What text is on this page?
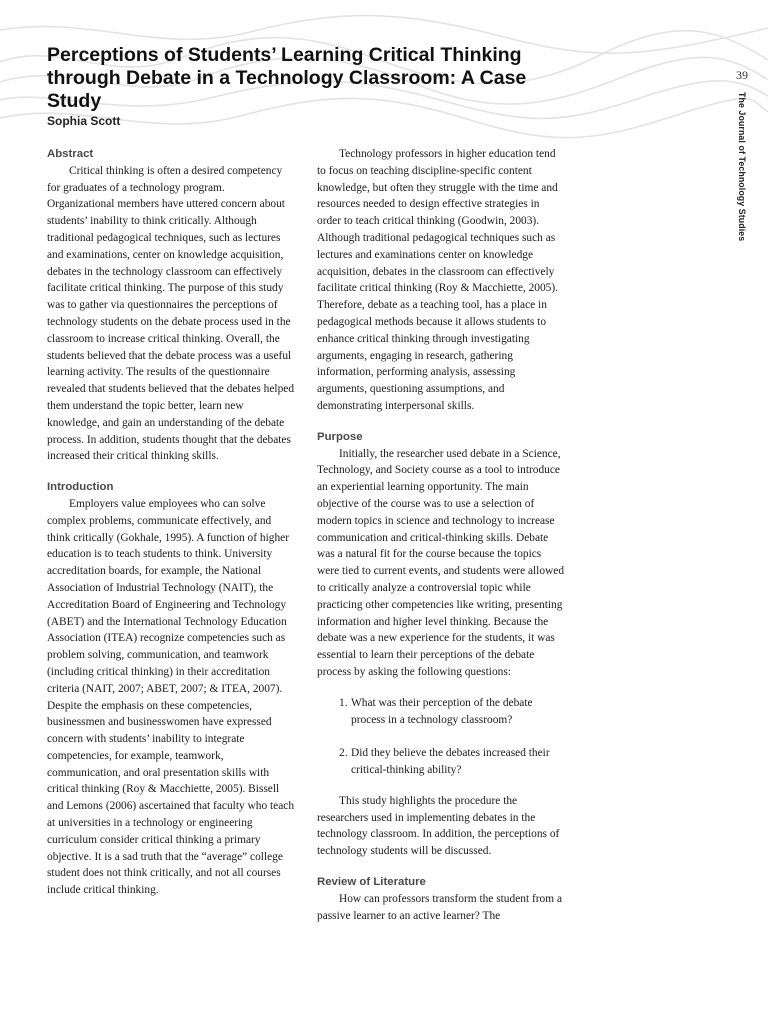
Perceptions of Students’ Learning Critical Thinking through Debate in a Technology Classroom: A Case Study
Sophia Scott
39
The Journal of Technology Studies
Abstract

Critical thinking is often a desired competency for graduates of a technology program. Organizational members have uttered concern about students’ inability to think critically. Although traditional pedagogical techniques, such as lectures and examinations, center on knowledge acquisition, debates in the technology classroom can effectively facilitate critical thinking. The purpose of this study was to gather via questionnaires the perceptions of technology students on the debate process used in the classroom to increase critical thinking. Overall, the students believed that the debate process was a useful learning activity. The results of the questionnaire revealed that students believed that the debates helped them understand the topic better, learn new knowledge, and gain an understanding of the debate process. In addition, students thought that the debates increased their critical thinking skills.

Introduction

Employers value employees who can solve complex problems, communicate effectively, and think critically (Gokhale, 1995). A function of higher education is to teach students to think. University accreditation boards, for example, the National Association of Industrial Technology (NAIT), the Accreditation Board of Engineering and Technology (ABET) and the International Technology Education Association (ITEA) recognize competencies such as problem solving, communication, and teamwork (including critical thinking) in their accreditation criteria (NAIT, 2007; ABET, 2007; & ITEA, 2007). Despite the emphasis on these competencies, businessmen and businesswomen have expressed concern with students’ inability to integrate competencies, for example, teamwork, communication, and oral presentation skills with critical thinking (Roy & Macchiette, 2005). Bissell and Lemons (2006) ascertained that faculty who teach at universities in a technology or engineering curriculum consider critical thinking a primary objective. It is a sad truth that the “average” college student does not think critically, and not all courses include critical thinking.

Technology professors in higher education tend to focus on teaching discipline-specific content knowledge, but often they struggle with the time and resources needed to design effective strategies in order to teach critical thinking (Goodwin, 2003). Although traditional pedagogical techniques such as lectures and examinations center on knowledge acquisition, debates in the classroom can effectively facilitate critical thinking (Roy & Macchiette, 2005). Therefore, debate as a teaching tool, has a place in pedagogical methods because it allows students to enhance critical thinking through investigating arguments, engaging in research, gathering information, performing analysis, assessing arguments, questioning assumptions, and demonstrating interpersonal skills.

Purpose

Initially, the researcher used debate in a Science, Technology, and Society course as a tool to introduce an experiential learning opportunity. The main objective of the course was to use a selection of modern topics in science and technology to increase communication and critical-thinking skills. Debate was a natural fit for the course because the topics were tied to current events, and students were allowed to critically analyze a controversial topic while practicing other competencies like writing, presenting information and higher level thinking. Because the debate was a new experience for the students, it was essential to learn their perceptions of the debate process by asking the following questions:

1. What was their perception of the debate process in a technology classroom?
2. Did they believe the debates increased their critical-thinking ability?

This study highlights the procedure the researchers used in implementing debates in the technology classroom. In addition, the perceptions of technology students will be discussed.

Review of Literature

How can professors transform the student from a passive learner to an active learner? The
